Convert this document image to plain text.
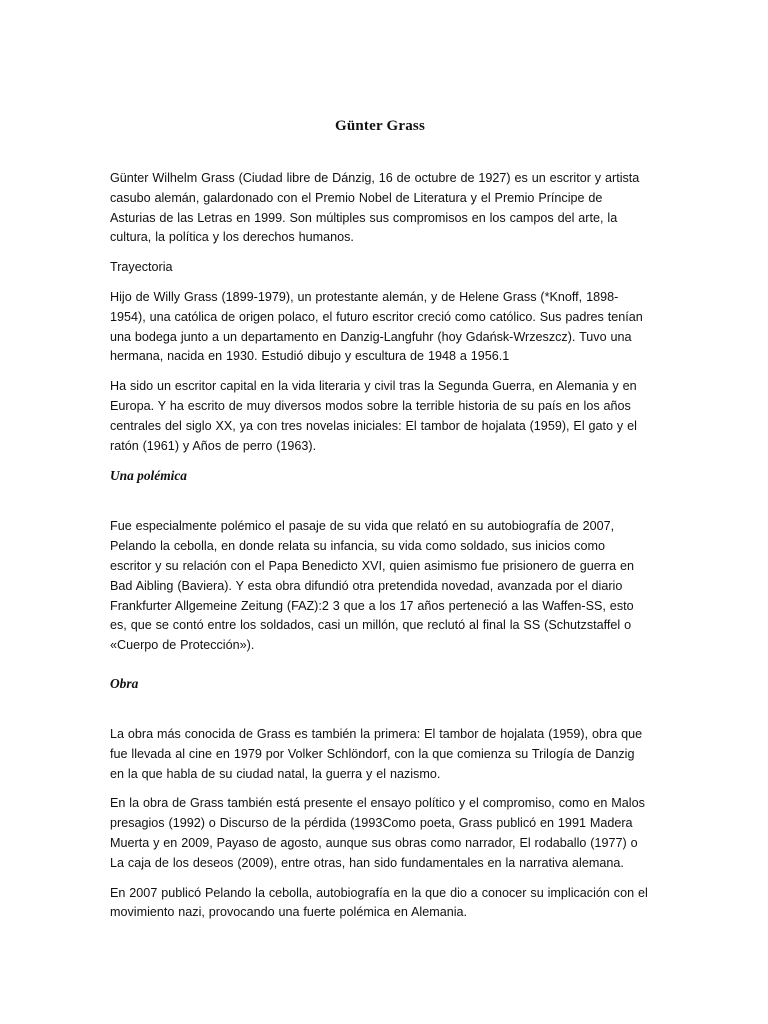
Günter Grass

Günter Wilhelm Grass (Ciudad libre de Dánzig, 16 de octubre de 1927) es un escritor y artista casubo alemán, galardonado con el Premio Nobel de Literatura y el Premio Príncipe de Asturias de las Letras en 1999. Son múltiples sus compromisos en los campos del arte, la cultura, la política y los derechos humanos.

Trayectoria

Hijo de Willy Grass (1899-1979), un protestante alemán, y de Helene Grass (*Knoff, 1898-1954), una católica de origen polaco, el futuro escritor creció como católico. Sus padres tenían una bodega junto a un departamento en Danzig-Langfuhr (hoy Gdańsk-Wrzeszcz). Tuvo una hermana, nacida en 1930. Estudió dibujo y escultura de 1948 a 1956.1

Ha sido un escritor capital en la vida literaria y civil tras la Segunda Guerra, en Alemania y en Europa. Y ha escrito de muy diversos modos sobre la terrible historia de su país en los años centrales del siglo XX, ya con tres novelas iniciales: El tambor de hojalata (1959), El gato y el ratón (1961) y Años de perro (1963).

Una polémica

Fue especialmente polémico el pasaje de su vida que relató en su autobiografía de 2007, Pelando la cebolla, en donde relata su infancia, su vida como soldado, sus inicios como escritor y su relación con el Papa Benedicto XVI, quien asimismo fue prisionero de guerra en Bad Aibling (Baviera). Y esta obra difundió otra pretendida novedad, avanzada por el diario Frankfurter Allgemeine Zeitung (FAZ):2 3 que a los 17 años perteneció a las Waffen-SS, esto es, que se contó entre los soldados, casi un millón, que reclutó al final la SS (Schutzstaffel o «Cuerpo de Protección»).

Obra

La obra más conocida de Grass es también la primera: El tambor de hojalata (1959), obra que fue llevada al cine en 1979 por Volker Schlöndorf, con la que comienza su Trilogía de Danzig en la que habla de su ciudad natal, la guerra y el nazismo.

En la obra de Grass también está presente el ensayo político y el compromiso, como en Malos presagios (1992) o Discurso de la pérdida (1993Como poeta, Grass publicó en 1991 Madera Muerta y en 2009, Payaso de agosto, aunque sus obras como narrador, El rodaballo (1977) o La caja de los deseos (2009), entre otras, han sido fundamentales en la narrativa alemana.

En 2007 publicó Pelando la cebolla, autobiografía en la que dio a conocer su implicación con el movimiento nazi, provocando una fuerte polémica en Alemania.
